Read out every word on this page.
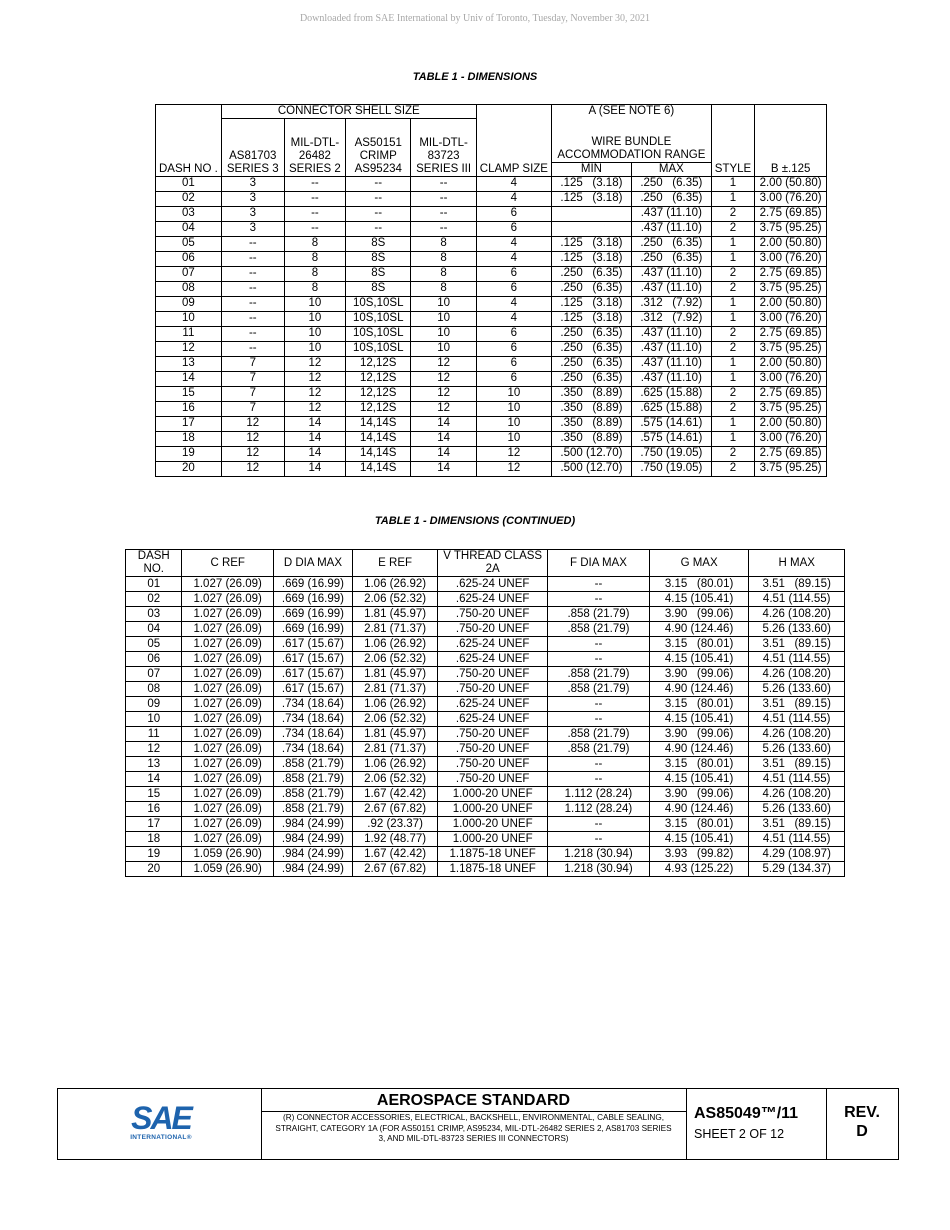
Downloaded from SAE International by Univ of Toronto, Tuesday, November 30, 2021
TABLE 1 - DIMENSIONS
DASH NO .	CONNECTOR SHELL SIZE				CLAMP SIZE	A (SEE NOTE 6)		STYLE	B ±.125
	AS81703 SERIES 3	MIL-DTL- 26482 SERIES 2	AS50151 CRIMP AS95234	MIL-DTL- 83723 SERIES III		WIRE BUNDLE ACCOMMODATION RANGE			
						MIN	MAX		
01	3	--	--	--	4	.125   (3.18)	.250   (6.35)	1	2.00 (50.80)
02	3	--	--	--	4	.125   (3.18)	.250   (6.35)	1	3.00 (76.20)
03	3	--	--	--	6		.437 (11.10)	2	2.75 (69.85)
04	3	--	--	--	6		.437 (11.10)	2	3.75 (95.25)
05	--	8	8S	8	4	.125   (3.18)	.250   (6.35)	1	2.00 (50.80)
06	--	8	8S	8	4	.125   (3.18)	.250   (6.35)	1	3.00 (76.20)
07	--	8	8S	8	6	.250   (6.35)	.437 (11.10)	2	2.75 (69.85)
08	--	8	8S	8	6	.250   (6.35)	.437 (11.10)	2	3.75 (95.25)
09	--	10	10S,10SL	10	4	.125   (3.18)	.312   (7.92)	1	2.00 (50.80)
10	--	10	10S,10SL	10	4	.125   (3.18)	.312   (7.92)	1	3.00 (76.20)
11	--	10	10S,10SL	10	6	.250   (6.35)	.437 (11.10)	2	2.75 (69.85)
12	--	10	10S,10SL	10	6	.250   (6.35)	.437 (11.10)	2	3.75 (95.25)
13	7	12	12,12S	12	6	.250   (6.35)	.437 (11.10)	1	2.00 (50.80)
14	7	12	12,12S	12	6	.250   (6.35)	.437 (11.10)	1	3.00 (76.20)
15	7	12	12,12S	12	10	.350   (8.89)	.625 (15.88)	2	2.75 (69.85)
16	7	12	12,12S	12	10	.350   (8.89)	.625 (15.88)	2	3.75 (95.25)
17	12	14	14,14S	14	10	.350   (8.89)	.575 (14.61)	1	2.00 (50.80)
18	12	14	14,14S	14	10	.350   (8.89)	.575 (14.61)	1	3.00 (76.20)
19	12	14	14,14S	14	12	.500 (12.70)	.750 (19.05)	2	2.75 (69.85)
20	12	14	14,14S	14	12	.500 (12.70)	.750 (19.05)	2	3.75 (95.25)
TABLE 1 - DIMENSIONS (CONTINUED)
DASH NO.	C REF	D DIA MAX	E REF	V THREAD CLASS 2A	F DIA MAX	G MAX	H MAX
01	1.027 (26.09)	.669 (16.99)	1.06 (26.92)	.625-24 UNEF	--	3.15   (80.01)	3.51   (89.15)
02	1.027 (26.09)	.669 (16.99)	2.06 (52.32)	.625-24 UNEF	--	4.15 (105.41)	4.51 (114.55)
03	1.027 (26.09)	.669 (16.99)	1.81 (45.97)	.750-20 UNEF	.858 (21.79)	3.90   (99.06)	4.26 (108.20)
04	1.027 (26.09)	.669 (16.99)	2.81 (71.37)	.750-20 UNEF	.858 (21.79)	4.90 (124.46)	5.26 (133.60)
05	1.027 (26.09)	.617 (15.67)	1.06 (26.92)	.625-24 UNEF	--	3.15   (80.01)	3.51   (89.15)
06	1.027 (26.09)	.617 (15.67)	2.06 (52.32)	.625-24 UNEF	--	4.15 (105.41)	4.51 (114.55)
07	1.027 (26.09)	.617 (15.67)	1.81 (45.97)	.750-20 UNEF	.858 (21.79)	3.90   (99.06)	4.26 (108.20)
08	1.027 (26.09)	.617 (15.67)	2.81 (71.37)	.750-20 UNEF	.858 (21.79)	4.90 (124.46)	5.26 (133.60)
09	1.027 (26.09)	.734 (18.64)	1.06 (26.92)	.625-24 UNEF	--	3.15   (80.01)	3.51   (89.15)
10	1.027 (26.09)	.734 (18.64)	2.06 (52.32)	.625-24 UNEF	--	4.15 (105.41)	4.51 (114.55)
11	1.027 (26.09)	.734 (18.64)	1.81 (45.97)	.750-20 UNEF	.858 (21.79)	3.90   (99.06)	4.26 (108.20)
12	1.027 (26.09)	.734 (18.64)	2.81 (71.37)	.750-20 UNEF	.858 (21.79)	4.90 (124.46)	5.26 (133.60)
13	1.027 (26.09)	.858 (21.79)	1.06 (26.92)	.750-20 UNEF	--	3.15   (80.01)	3.51   (89.15)
14	1.027 (26.09)	.858 (21.79)	2.06 (52.32)	.750-20 UNEF	--	4.15 (105.41)	4.51 (114.55)
15	1.027 (26.09)	.858 (21.79)	1.67 (42.42)	1.000-20 UNEF	1.112 (28.24)	3.90   (99.06)	4.26 (108.20)
16	1.027 (26.09)	.858 (21.79)	2.67 (67.82)	1.000-20 UNEF	1.112 (28.24)	4.90 (124.46)	5.26 (133.60)
17	1.027 (26.09)	.984 (24.99)	.92 (23.37)	1.000-20 UNEF	--	3.15   (80.01)	3.51   (89.15)
18	1.027 (26.09)	.984 (24.99)	1.92 (48.77)	1.000-20 UNEF	--	4.15 (105.41)	4.51 (114.55)
19	1.059 (26.90)	.984 (24.99)	1.67 (42.42)	1.1875-18 UNEF	1.218 (30.94)	3.93   (99.82)	4.29 (108.97)
20	1.059 (26.90)	.984 (24.99)	2.67 (67.82)	1.1875-18 UNEF	1.218 (30.94)	4.93 (125.22)	5.29 (134.37)
SAE
INTERNATIONAL®
AEROSPACE STANDARD
(R) CONNECTOR ACCESSORIES, ELECTRICAL, BACKSHELL, ENVIRONMENTAL, CABLE SEALING, STRAIGHT, CATEGORY 1A (FOR AS50151 CRIMP, AS95234, MIL-DTL-26482 SERIES 2, AS81703 SERIES 3, AND MIL-DTL-83723 SERIES III CONNECTORS)
AS85049™/11
SHEET 2 OF 12
REV.
D
